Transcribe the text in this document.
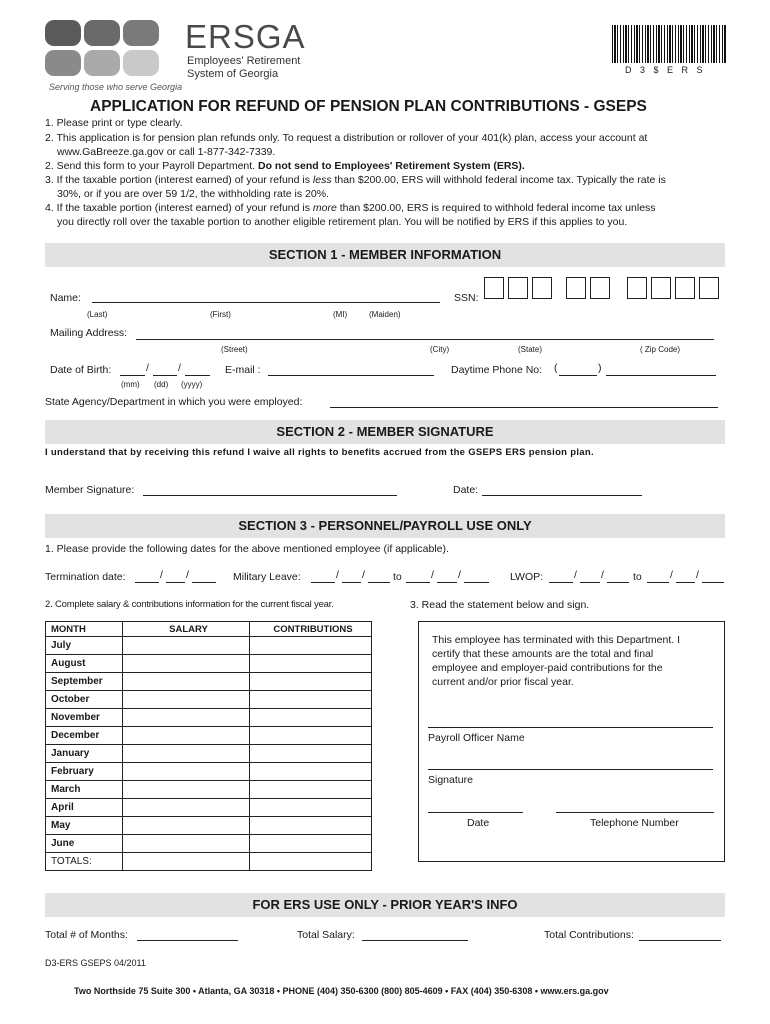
ERSGA
Employees' Retirement
System of Georgia
Serving those who serve Georgia
D 3 $ E R S
APPLICATION FOR REFUND OF PENSION PLAN CONTRIBUTIONS - GSEPS
1. Please print or type clearly.
2. This application is for pension plan refunds only. To request a distribution or rollover of your 401(k) plan, access your account at
www.GaBreeze.ga.gov or call 1-877-342-7339.
2. Send this form to your Payroll Department. Do not send to Employees' Retirement System (ERS).
3. If the taxable portion (interest earned) of your refund is less than $200.00, ERS will withhold federal income tax. Typically the rate is
30%, or if you are over 59 1/2, the withholding rate is 20%.
4. If the taxable portion (interest earned) of your refund is more than $200.00, ERS is required to withhold federal income tax unless
you directly roll over the taxable portion to another eligible retirement plan. You will be notified by ERS if this applies to you.
SECTION 1 - MEMBER INFORMATION
Name:	SSN:
(Last)	(First)	(MI)	(Maiden)
Mailing Address:
(Street)	(City)	(State)	( Zip Code)
Date of Birth:	/	/
(mm) (dd) (yyyy)
E-mail :	Daytime Phone No: (	)
State Agency/Department in which you were employed:
SECTION 2 - MEMBER SIGNATURE
I understand that by receiving this refund I waive all rights to benefits accrued from the GSEPS ERS pension plan.
Member Signature:	Date:
SECTION 3 - PERSONNEL/PAYROLL USE ONLY
1. Please provide the following dates for the above mentioned employee (if applicable).
Termination date:	/ /	Military Leave:	/ /	to	/ /	LWOP:	/ /	to	/ /
2. Complete salary & contributions information for the current fiscal year.	3. Read the statement below and sign.
MONTH	SALARY	CONTRIBUTIONS
July		
August		
September		
October		
November		
December		
January		
February		
March		
April		
May		
June		
TOTALS:		
This employee has terminated with this Department. I
certify that these amounts are the total and final
employee and employer-paid contributions for the
current and/or prior fiscal year.
Payroll Officer Name
Signature
Date	Telephone Number
FOR ERS USE ONLY - PRIOR YEAR'S INFO
Total # of Months:	Total Salary:	Total Contributions:
D3-ERS GSEPS 04/2011
Two Northside 75 Suite 300 • Atlanta, GA 30318 • PHONE (404) 350-6300 (800) 805-4609 • FAX (404) 350-6308 • www.ers.ga.gov
